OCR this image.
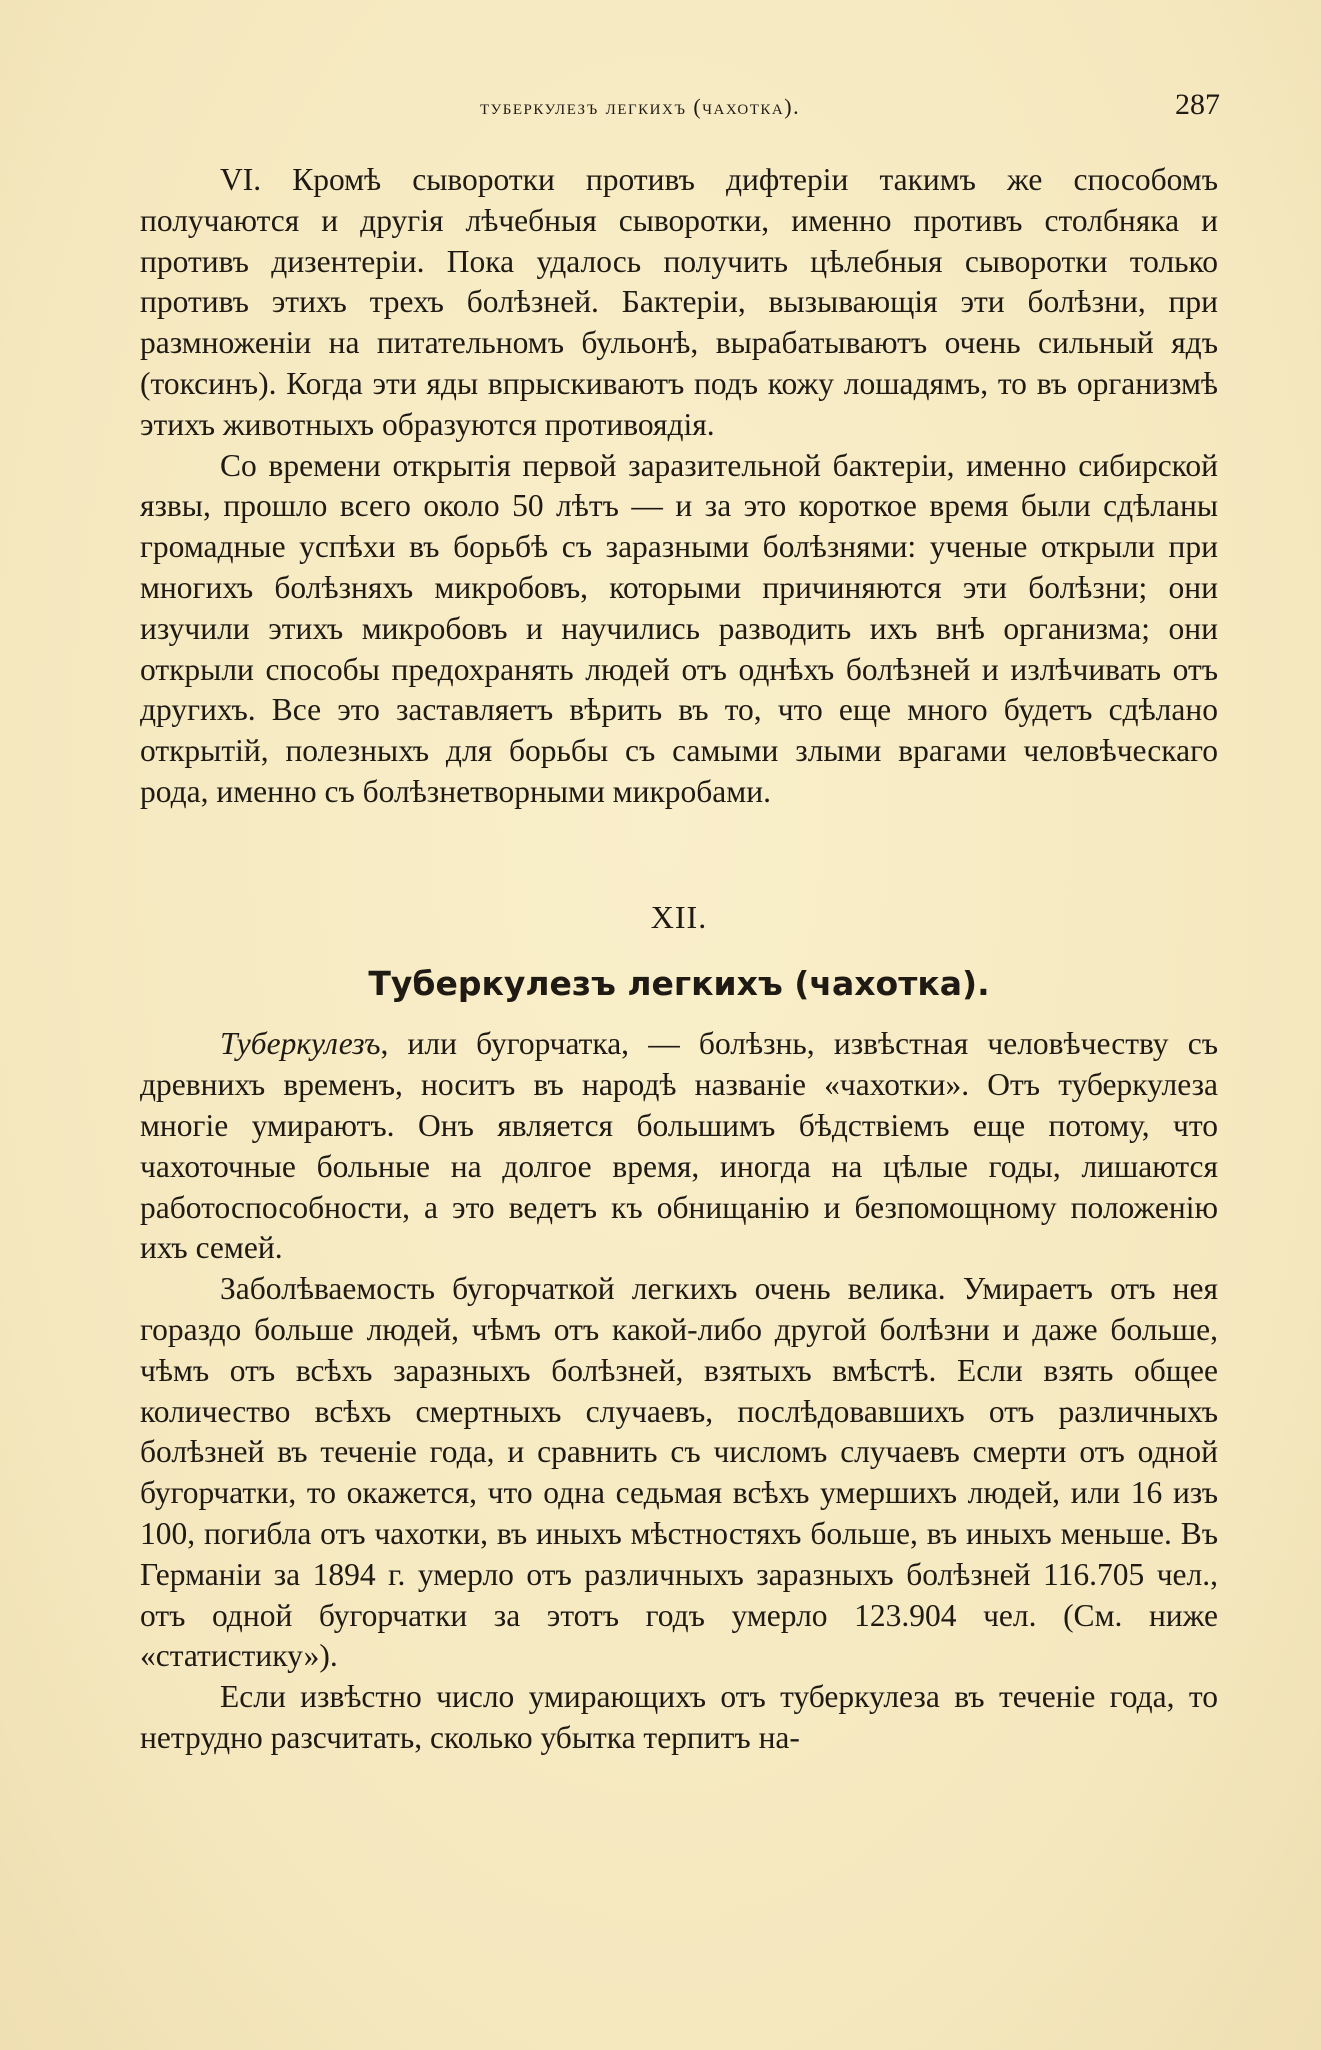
туберкулезъ легкихъ (чахотка).	287

VI. Кромѣ сыворотки противъ дифтеріи такимъ же способомъ получаются и другія лѣчебныя сыворотки, именно противъ столбняка и противъ дизентеріи. Пока удалось получить цѣлебныя сыворотки только противъ этихъ трехъ болѣзней. Бактеріи, вызывающія эти болѣзни, при размноженіи на питательномъ бульонѣ, вырабатываютъ очень сильный ядъ (токсинъ). Когда эти яды впрыскиваютъ подъ кожу лошадямъ, то въ организмѣ этихъ животныхъ образуются противоядія.

Со времени открытія первой заразительной бактеріи, именно сибирской язвы, прошло всего около 50 лѣтъ — и за это короткое время были сдѣланы громадные успѣхи въ борьбѣ съ заразными болѣзнями: ученые открыли при многихъ болѣзняхъ микробовъ, которыми причиняются эти болѣзни; они изучили этихъ микробовъ и научились разводить ихъ внѣ организма; они открыли способы предохранять людей отъ однѣхъ болѣзней и излѣчивать отъ другихъ. Все это заставляетъ вѣрить въ то, что еще много будетъ сдѣлано открытій, полезныхъ для борьбы съ самыми злыми врагами человѣческаго рода, именно съ болѣзнетворными микробами.

XII.
Туберкулезъ легкихъ (чахотка).

Туберкулезъ, или бугорчатка, — болѣзнь, извѣстная человѣчеству съ древнихъ временъ, носитъ въ народѣ названіе «чахотки». Отъ туберкулеза многіе умираютъ. Онъ является большимъ бѣдствіемъ еще потому, что чахоточные больные на долгое время, иногда на цѣлые годы, лишаются работоспособности, а это ведетъ къ обнищанію и безпомощному положенію ихъ семей.

Заболѣваемость бугорчаткой легкихъ очень велика. Умираетъ отъ нея гораздо больше людей, чѣмъ отъ какой-либо другой болѣзни и даже больше, чѣмъ отъ всѣхъ заразныхъ болѣзней, взятыхъ вмѣстѣ. Если взять общее количество всѣхъ смертныхъ случаевъ, послѣдовавшихъ отъ различныхъ болѣзней въ теченіе года, и сравнить съ числомъ случаевъ смерти отъ одной бугорчатки, то окажется, что одна седьмая всѣхъ умершихъ людей, или 16 изъ 100, погибла отъ чахотки, въ иныхъ мѣстностяхъ больше, въ иныхъ меньше. Въ Германіи за 1894 г. умерло отъ различныхъ заразныхъ болѣзней 116.705 чел., отъ одной бугорчатки за этотъ годъ умерло 123.904 чел. (См. ниже «статистику»).

Если извѣстно число умирающихъ отъ туберкулеза въ теченіе года, то нетрудно разсчитать, сколько убытка терпитъ на-
